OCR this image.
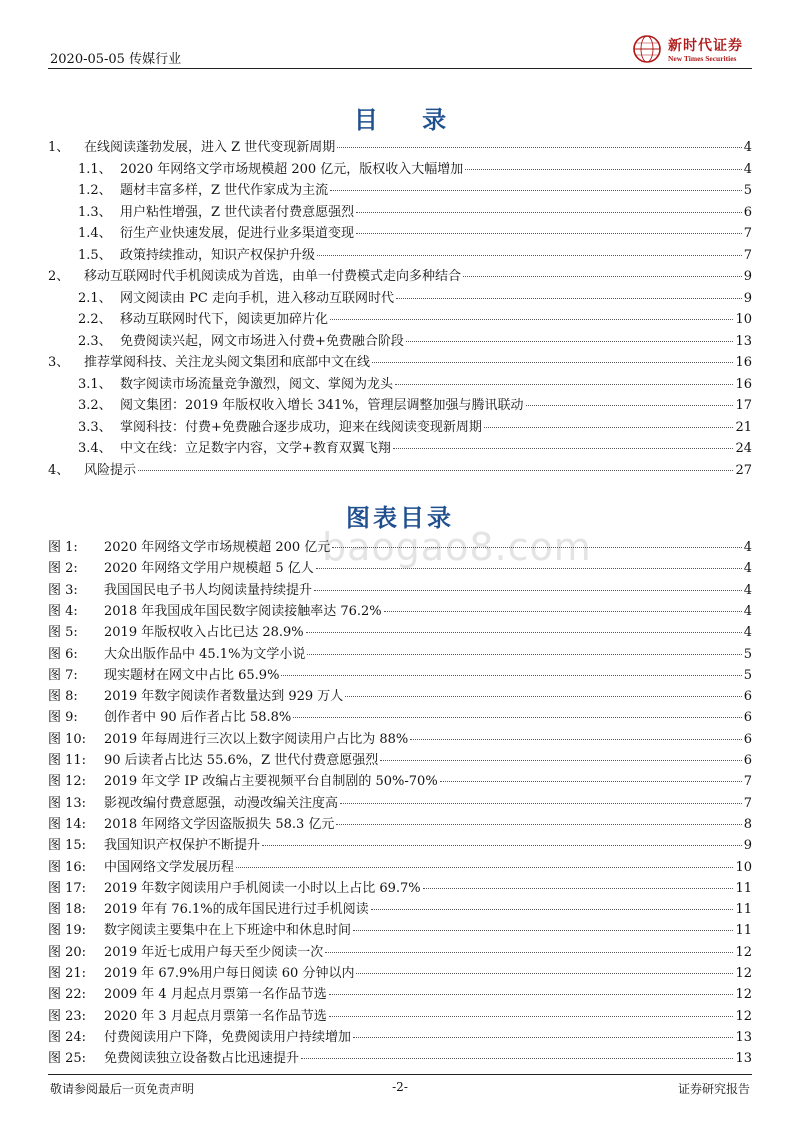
2020-05-05 传媒行业
新时代证券
New Times Securities
目 录
1、	在线阅读蓬勃发展，进入 Z 世代变现新周期	4
1.1、 2020 年网络文学市场规模超 200 亿元，版权收入大幅增加	4
1.2、 题材丰富多样，Z 世代作家成为主流	5
1.3、 用户粘性增强，Z 世代读者付费意愿强烈	6
1.4、 衍生产业快速发展，促进行业多渠道变现	7
1.5、 政策持续推动，知识产权保护升级	7
2、	移动互联网时代手机阅读成为首选，由单一付费模式走向多种结合	9
2.1、 网文阅读由 PC 走向手机，进入移动互联网时代	9
2.2、 移动互联网时代下，阅读更加碎片化	10
2.3、 免费阅读兴起，网文市场进入付费+免费融合阶段	13
3、	推荐掌阅科技、关注龙头阅文集团和底部中文在线	16
3.1、 数字阅读市场流量竞争激烈，阅文、掌阅为龙头	16
3.2、 阅文集团：2019 年版权收入增长 341%，管理层调整加强与腾讯联动	17
3.3、 掌阅科技：付费+免费融合逐步成功，迎来在线阅读变现新周期	21
3.4、 中文在线：立足数字内容，文学+教育双翼飞翔	24
4、	风险提示	27
baogao8.com
图表目录
图 1:	2020 年网络文学市场规模超 200 亿元	4
图 2:	2020 年网络文学用户规模超 5 亿人	4
图 3:	我国国民电子书人均阅读量持续提升	4
图 4:	2018 年我国成年国民数字阅读接触率达 76.2%	4
图 5:	2019 年版权收入占比已达 28.9%	4
图 6:	大众出版作品中 45.1%为文学小说	5
图 7:	现实题材在网文中占比 65.9%	5
图 8:	2019 年数字阅读作者数量达到 929 万人	6
图 9:	创作者中 90 后作者占比 58.8%	6
图 10:	2019 年每周进行三次以上数字阅读用户占比为 88%	6
图 11:	90 后读者占比达 55.6%，Z 世代付费意愿强烈	6
图 12:	2019 年文学 IP 改编占主要视频平台自制剧的 50%-70%	7
图 13:	影视改编付费意愿强，动漫改编关注度高	7
图 14:	2018 年网络文学因盗版损失 58.3 亿元	8
图 15:	我国知识产权保护不断提升	9
图 16:	中国网络文学发展历程	10
图 17:	2019 年数字阅读用户手机阅读一小时以上占比 69.7%	11
图 18:	2019 年有 76.1%的成年国民进行过手机阅读	11
图 19:	数字阅读主要集中在上下班途中和休息时间	11
图 20:	2019 年近七成用户每天至少阅读一次	12
图 21:	2019 年 67.9%用户每日阅读 60 分钟以内	12
图 22:	2009 年 4 月起点月票第一名作品节选	12
图 23:	2020 年 3 月起点月票第一名作品节选	12
图 24:	付费阅读用户下降，免费阅读用户持续增加	13
图 25:	免费阅读独立设备数占比迅速提升	13
敬请参阅最后一页免责声明	-2-	证券研究报告
